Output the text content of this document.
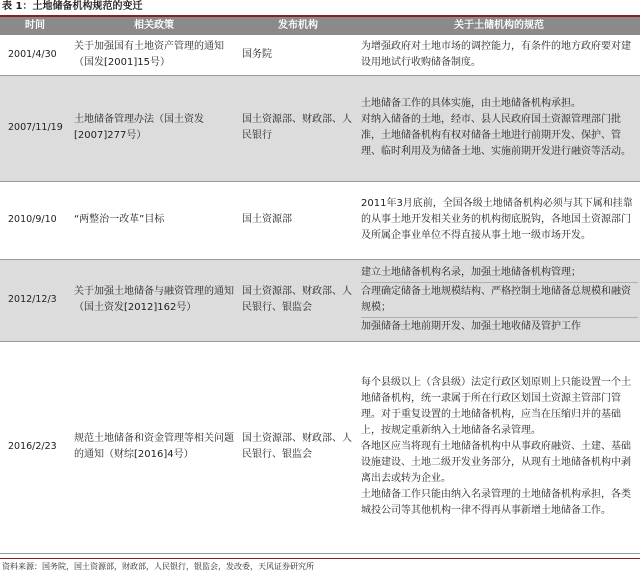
表 1：土地储备机构规范的变迁
时间	相关政策	发布机构	关于土储机构的规范
2001/4/30	关于加强国有土地资产管理的通知（国发[2001]15号）	国务院	为增强政府对土地市场的调控能力，有条件的地方政府要对建设用地试行收购储备制度。

2007/11/19	土地储备管理办法（国土资发[2007]277号）	国土资源部、财政部、人民银行	土地储备工作的具体实施，由土地储备机构承担。
对纳入储备的土地，经市、县人民政府国土资源管理部门批准，土地储备机构有权对储备土地进行前期开发、保护、管理、临时利用及为储备土地、实施前期开发进行融资等活动。

2010/9/10	“两整治一改革”目标	国土资源部	2011年3月底前，全国各级土地储备机构必须与其下属和挂靠的从事土地开发相关业务的机构彻底脱钩，各地国土资源部门及所属企事业单位不得直接从事土地一级市场开发。

2012/12/3	关于加强土地储备与融资管理的通知（国土资发[2012]162号）	国土资源部、财政部、人民银行、银监会	建立土地储备机构名录，加强土地储备机构管理；
合理确定储备土地规模结构、严格控制土地储备总规模和融资规模；
加强储备土地前期开发、加强土地收储及管护工作

2016/2/23	规范土地储备和资金管理等相关问题的通知（财综[2016]4号）	国土资源部、财政部、人民银行、银监会	每个县级以上（含县级）法定行政区划原则上只能设置一个土地储备机构，统一隶属于所在行政区划国土资源主管部门管理。对于重复设置的土地储备机构，应当在压缩归并的基础上，按规定重新纳入土地储备名录管理。
各地区应当将现有土地储备机构中从事政府融资、土建、基础设施建设、土地二级开发业务部分，从现有土地储备机构中剥离出去或转为企业。
土地储备工作只能由纳入名录管理的土地储备机构承担，各类城投公司等其他机构一律不得再从事新增土地储备工作。
资料来源：国务院，国土资源部，财政部，人民银行，银监会，发改委，天风证券研究所
